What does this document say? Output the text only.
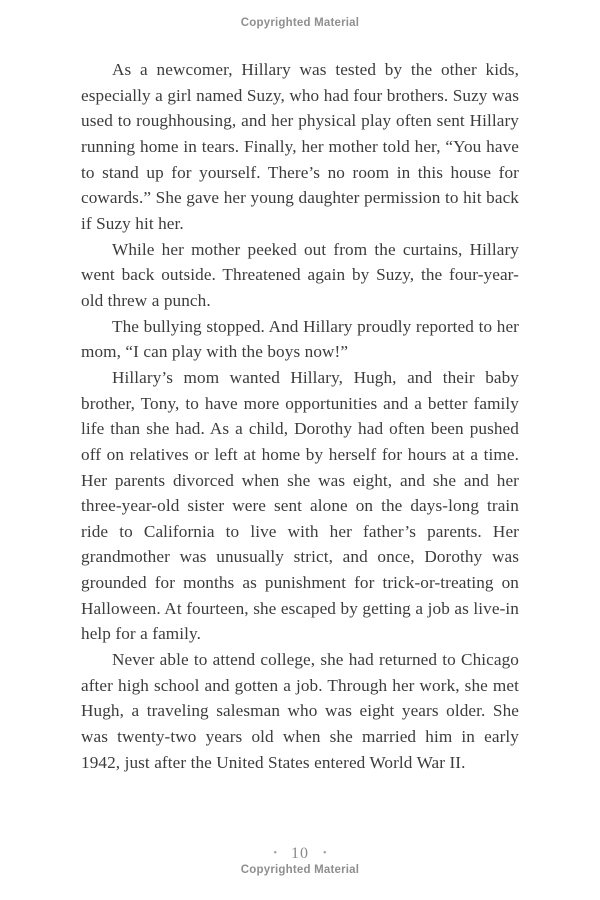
Copyrighted Material

As a newcomer, Hillary was tested by the other kids, especially a girl named Suzy, who had four brothers. Suzy was used to roughhousing, and her physical play often sent Hillary running home in tears. Finally, her mother told her, “You have to stand up for yourself. There’s no room in this house for cowards.” She gave her young daughter permission to hit back if Suzy hit her.

While her mother peeked out from the curtains, Hillary went back outside. Threatened again by Suzy, the four-year-old threw a punch.

The bullying stopped. And Hillary proudly reported to her mom, “I can play with the boys now!”

Hillary’s mom wanted Hillary, Hugh, and their baby brother, Tony, to have more opportunities and a better family life than she had. As a child, Dorothy had often been pushed off on relatives or left at home by herself for hours at a time. Her parents divorced when she was eight, and she and her three-year-old sister were sent alone on the days-long train ride to California to live with her father’s parents. Her grandmother was unusually strict, and once, Dorothy was grounded for months as punishment for trick-or-treating on Halloween. At fourteen, she escaped by getting a job as live-in help for a family.

Never able to attend college, she had returned to Chicago after high school and gotten a job. Through her work, she met Hugh, a traveling salesman who was eight years older. She was twenty-two years old when she married him in early 1942, just after the United States entered World War II.

• 10 •
Copyrighted Material
